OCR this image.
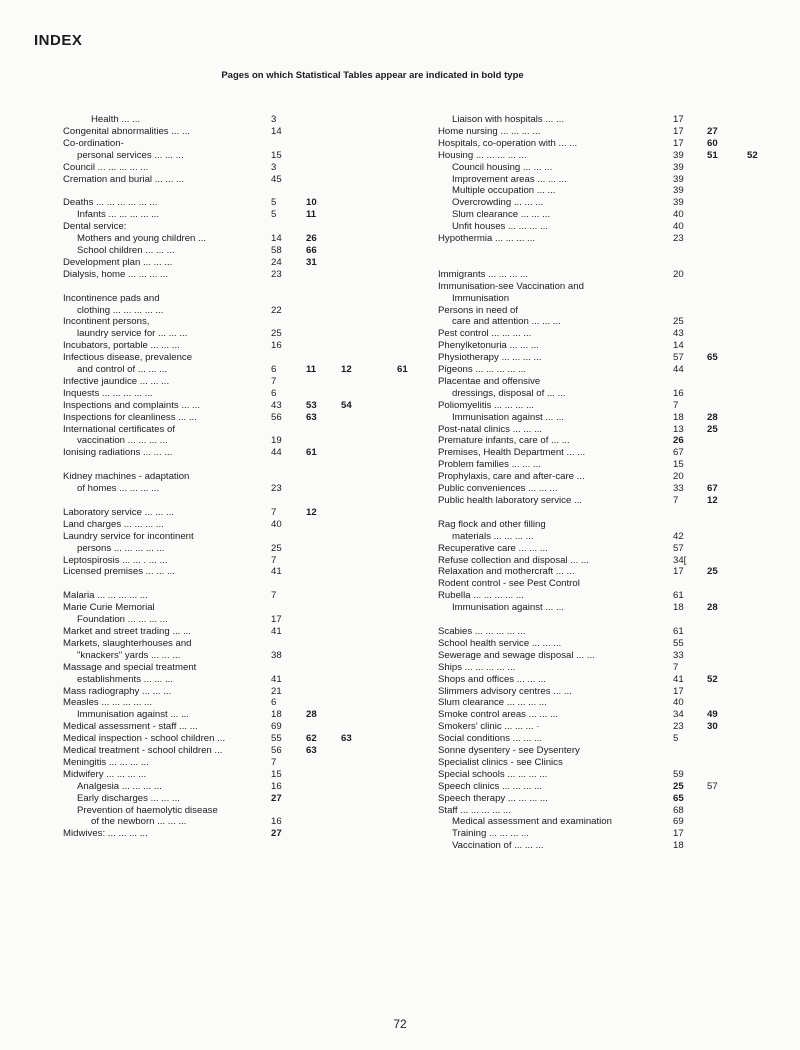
INDEX
Pages on which Statistical Tables appear are indicated in bold type
Health ... ...	3
Congenital abnormalities ... ...	14
Co-ordination-
personal services ... ... ...	15
Council ... ... ... ... ...	3
Cremation and burial ... ... ...	45
Deaths ... ... ... ... ... ...	5	10
Infants ... ... ... ... ...	5	11
Dental service:
Mothers and young children ...	14	26
School children ... ... ...	58	66
Development plan ... ... ...	24	31
Dialysis, home ... ... ... ...	23
Incontinence pads and
clothing ... ... ... ... ...	22
Incontinent persons,
laundry service for ... ... ...	25
Incubators, portable ... ... ...	16
Infectious disease, prevalence
and control of ... ... ...	6	11	12	61
Infective jaundice ... ... ...	7
Inquests ... ... ... ... ...	6
Inspections and complaints ... ...	43	53	54
Inspections for cleanliness ... ...	56	63
International certificates of
vaccination ... ... ... ...	19
Ionising radiations ... ... ...	44	61
Kidney machines - adaptation
of homes ... ... ... ...	23
Laboratory service ... ... ...	7	12
Land charges ... ... ... ...	40
Laundry service for incontinent
persons ... ... ... ... ...	25
Leptospirosis ... ... . ... ...	7
Licensed premises ... ... ...	41
Malaria ... ... ... ... ...	7
Marie Curie Memorial
Foundation ... ... ... ...	17
Market and street trading ... ...	41
Markets, slaughterhouses and
"knackers" yards ... ... ...	38
Massage and special treatment
establishments ... ... ...	41
Mass radiography ... ... ...	21
Measles ... ... ... ... ...	6
Immunisation against ... ...	18	28
Medical assessment - staff ... ...	69
Medical inspection - school children ...	55	62	63
Medical treatment - school children ...	56	63
Meningitis ... ... ... ...	7
Midwifery ... ... ... ...	15
Analgesia ... ... ... ...	16
Early discharges ... ... ...	27
Prevention of haemolytic disease
of the newborn ... ... ...	16
Midwives: ... ... ... ...	27
Liaison with hospitals ... ...	17
Home nursing ... ... ... ...	17 27
Hospitals, co-operation with ... ...	17 60
Housing ... ... ... ... ...	39 51	52
Council housing ... ... ...	39
Improvement areas ... ... ...	39
Multiple occupation ... ...	39
Overcrowding ... ... ...	39
Slum clearance ... ... ...	40
Unfit houses ... ... ... ...	40
Hypothermia ... ... ... ...	23
Immigrants ... ... ... ...	20
Immunisation-see Vaccination and
Immunisation
Persons in need of
care and attention ... ... ...	25
Pest control ... ... ... ...	43
Phenylketonuria ... ... ...	14
Physiotherapy ... ... ... ...	57 65
Pigeons ... ... ... ... ...	44
Placentae and offensive
dressings, disposal of ... ...	16
Poliomyelitis ... ... ... ...	7
Immunisation against ... ...	18 28
Post-natal clinics ... ... ...	13 25
Premature infants, care of ... ...	26
Premises, Health Department ... ...	67
Problem families ... ... ...	15
Prophylaxis, care and after-care ...	20
Public conveniences ... ... ...	33 67
Public health laboratory service ...	7	12
Rag flock and other filling
materials ... ... ... ...	42
Recuperative care ... ... ...	57
Refuse collection and disposal ... ...	34[
Relaxation and mothercraft ... ...	17 25
Rodent control - see Pest Control
Rubella ... ... ... ... ...	61
Immunisation against ... ...	18 28
Scabies ... ... ... ... ...	61
School health service ... ... ...	55
Sewerage and sewage disposal ... ...	33
Ships ... ... ... ... ...	7
Shops and offices ... ... ...	41 52
Slimmers advisory centres ... ...	17
Slum clearance ... ... ... ...	40
Smoke control areas ... ... ...	34 49
Smokers' clinic ... ... ... ·	23 30
Social conditions ... ... ...	5
Sonne dysentery - see Dysentery
Specialist clinics - see Clinics
Special schools ... ... ... ...	59
Speech clinics ... ... ... ...	25 57
Speech therapy ... ... ... ...	65
Staff ... ... ... ... ...	68
Medical assessment and examination	69
Training ... ... ... ...	17
Vaccination of ... ... ...	18
72
